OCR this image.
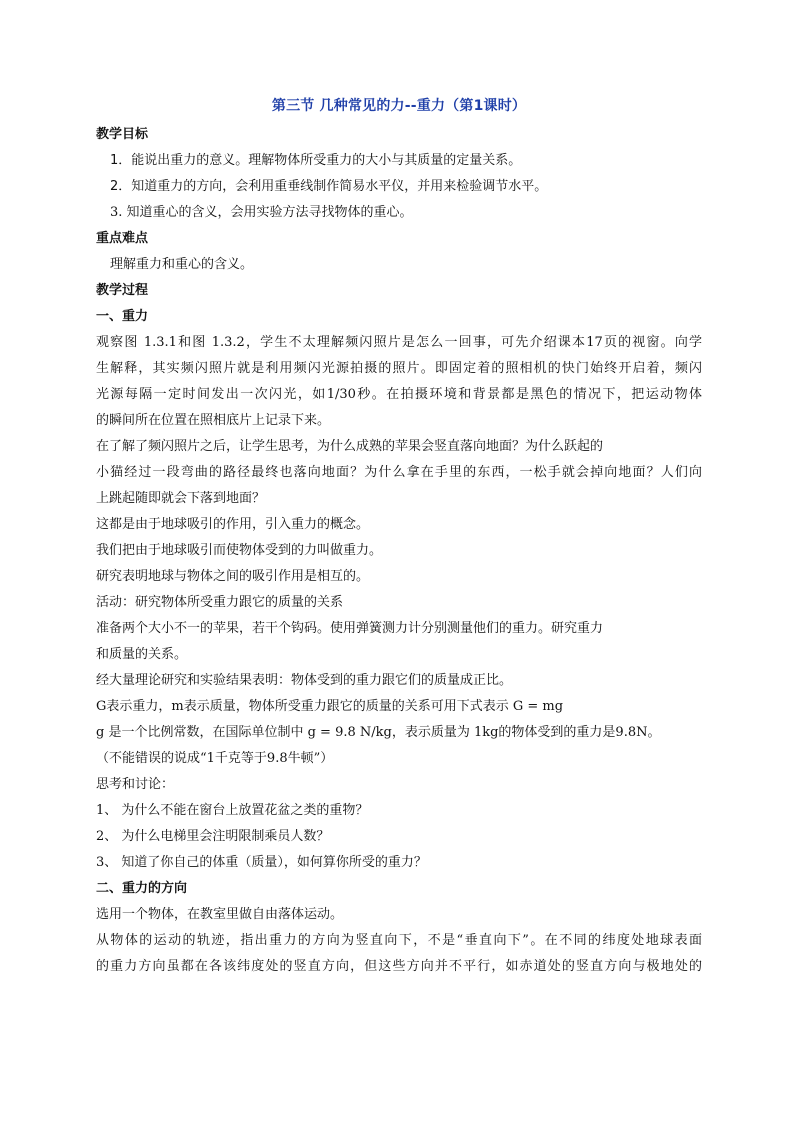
第三节 几种常见的力--重力（第1课时）
教学目标
1．能说出重力的意义。理解物体所受重力的大小与其质量的定量关系。
2．知道重力的方向，会利用重垂线制作简易水平仪，并用来检验调节水平。
3. 知道重心的含义，会用实验方法寻找物体的重心。
重点难点
理解重力和重心的含义。
教学过程
一、重力
观察图 1.3.1和图 1.3.2，学生不太理解频闪照片是怎么一回事，可先介绍课本17页的视窗。向学
生解释，其实频闪照片就是利用频闪光源拍摄的照片。即固定着的照相机的快门始终开启着，频闪
光源每隔一定时间发出一次闪光，如1/30秒。在拍摄环境和背景都是黑色的情况下，把运动物体
的瞬间所在位置在照相底片上记录下来。
在了解了频闪照片之后，让学生思考，为什么成熟的苹果会竖直落向地面？为什么跃起的
小猫经过一段弯曲的路径最终也落向地面？为什么拿在手里的东西，一松手就会掉向地面？人们向
上跳起随即就会下落到地面？
这都是由于地球吸引的作用，引入重力的概念。
我们把由于地球吸引而使物体受到的力叫做重力。
研究表明地球与物体之间的吸引作用是相互的。
活动：研究物体所受重力跟它的质量的关系
准备两个大小不一的苹果，若干个钩码。使用弹簧测力计分别测量他们的重力。研究重力
和质量的关系。
经大量理论研究和实验结果表明：物体受到的重力跟它们的质量成正比。
G表示重力，m表示质量，物体所受重力跟它的质量的关系可用下式表示 G = mg
g 是一个比例常数，在国际单位制中 g = 9.8 N/kg，表示质量为 1kg的物体受到的重力是9.8N。
（不能错误的说成“1千克等于9.8牛顿”）
思考和讨论：
1、 为什么不能在窗台上放置花盆之类的重物？
2、 为什么电梯里会注明限制乘员人数？
3、 知道了你自己的体重（质量），如何算你所受的重力？
二、重力的方向
选用一个物体，在教室里做自由落体运动。
从物体的运动的轨迹，指出重力的方向为竖直向下，不是“垂直向下”。在不同的纬度处地球表面
的重力方向虽都在各该纬度处的竖直方向，但这些方向并不平行，如赤道处的竖直方向与极地处的
